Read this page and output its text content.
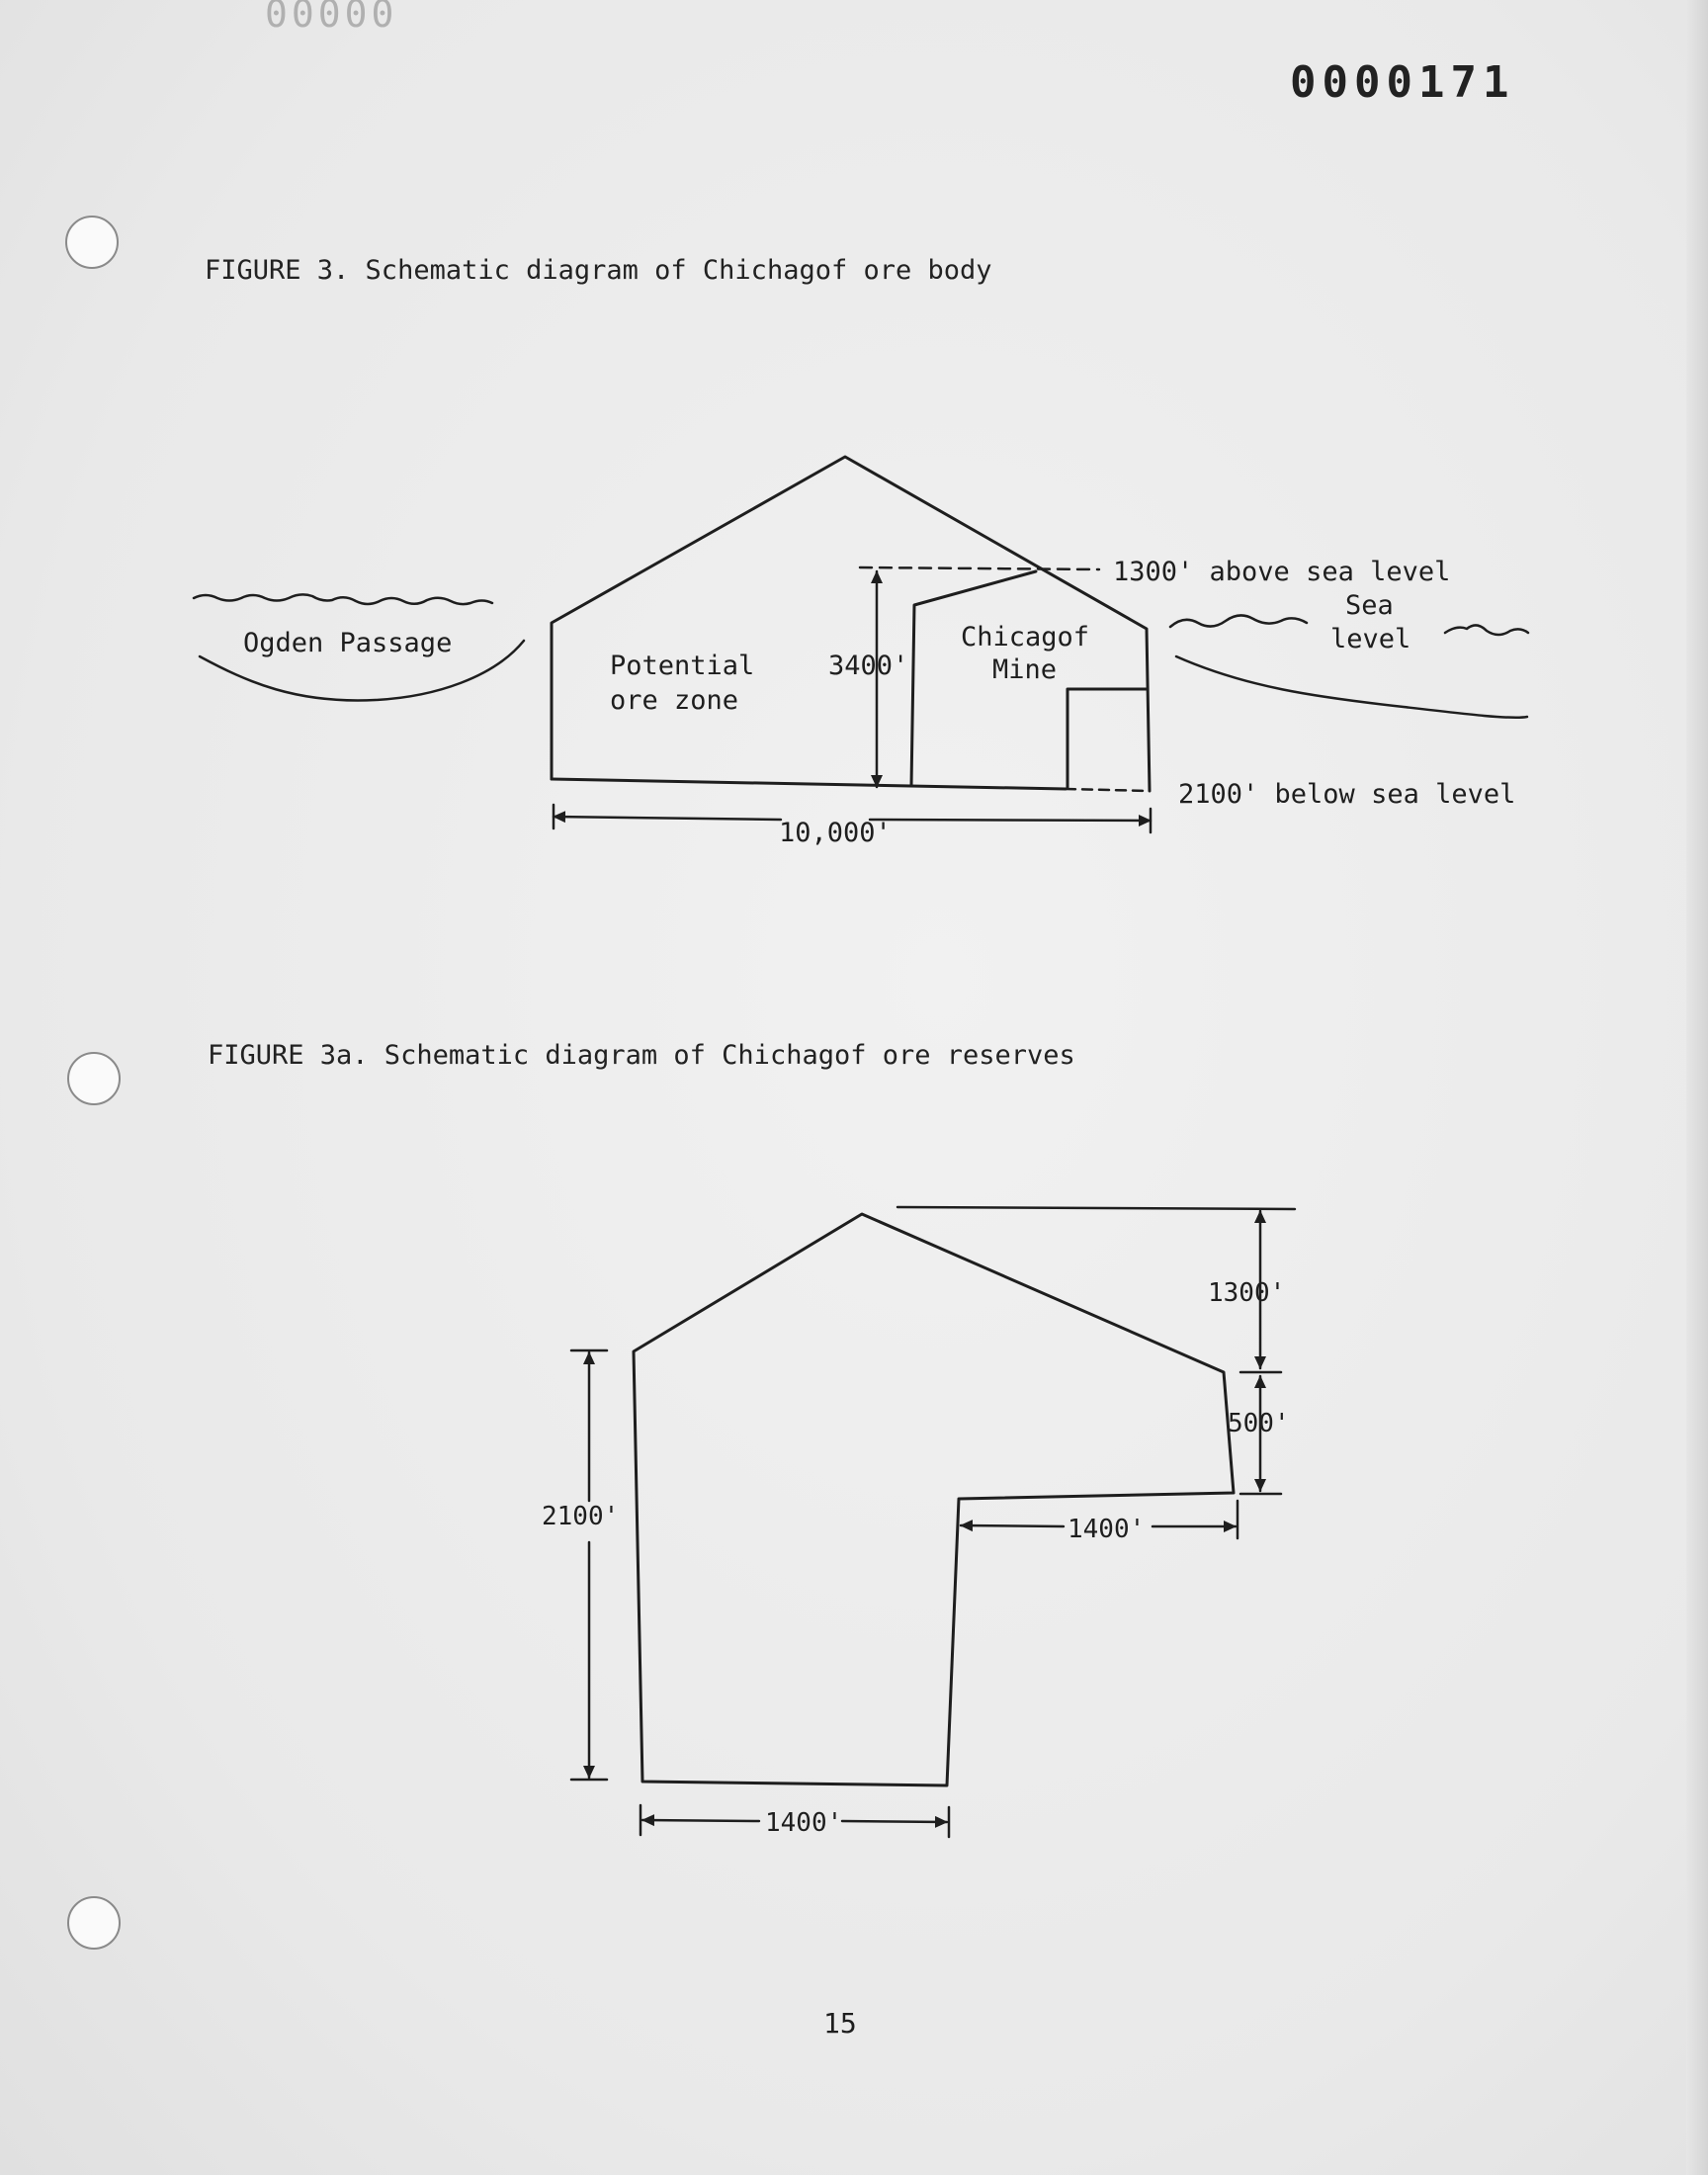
00000
0000171
FIGURE 3. Schematic diagram of Chichagof ore body
FIGURE 3a. Schematic diagram of Chichagof ore reserves
Ogden Passage
Potential
ore zone
3400'
Chicagof
Mine
1300' above sea level
Sea
level
2100' below sea level
10,000'
1300'
500'
1400'
2100'
1400'
15
